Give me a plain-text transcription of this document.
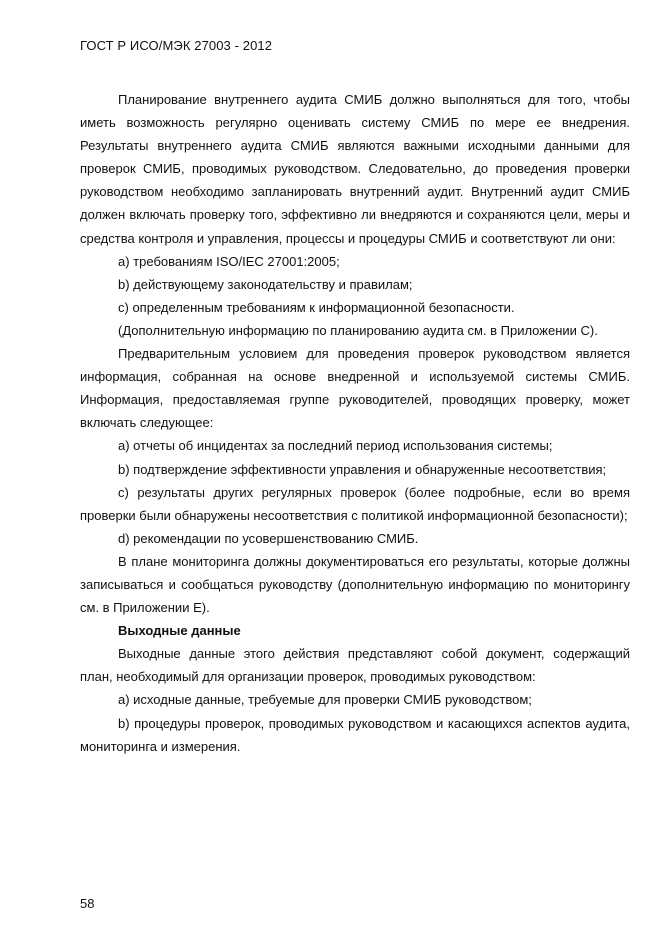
ГОСТ Р ИСО/МЭК 27003 - 2012

Планирование внутреннего аудита СМИБ должно выполняться для того, чтобы иметь возможность регулярно оценивать систему СМИБ по мере ее внедрения. Результаты внутреннего аудита СМИБ являются важными исходными данными для проверок СМИБ, проводимых руководством. Следовательно, до проведения проверки руководством необходимо запланировать внутренний аудит. Внутренний аудит СМИБ должен включать проверку того, эффективно ли внедряются и сохраняются цели, меры и средства контроля и управления, процессы и процедуры СМИБ и соответствуют ли они:

а) требованиям ISO/IEC 27001:2005;

b) действующему законодательству и правилам;

c) определенным требованиям к информационной безопасности.

(Дополнительную информацию по планированию аудита см. в Приложении С).

Предварительным условием для проведения проверок руководством является информация, собранная на основе внедренной и используемой системы СМИБ. Информация, предоставляемая группе руководителей, проводящих проверку, может включать следующее:

а) отчеты об инцидентах за последний период использования системы;

b) подтверждение эффективности управления и обнаруженные несоответствия;

c) результаты других регулярных проверок (более подробные, если во время проверки были обнаружены несоответствия с политикой информационной безопасности);

d) рекомендации по усовершенствованию СМИБ.

В плане мониторинга должны документироваться его результаты, которые должны записываться и сообщаться руководству (дополнительную информацию по мониторингу см. в Приложении Е).

Выходные данные

Выходные данные этого действия представляют собой документ, содержащий план, необходимый для организации проверок, проводимых руководством:

а) исходные данные, требуемые для проверки СМИБ руководством;

b) процедуры проверок, проводимых руководством и касающихся аспектов аудита, мониторинга и измерения.

58
